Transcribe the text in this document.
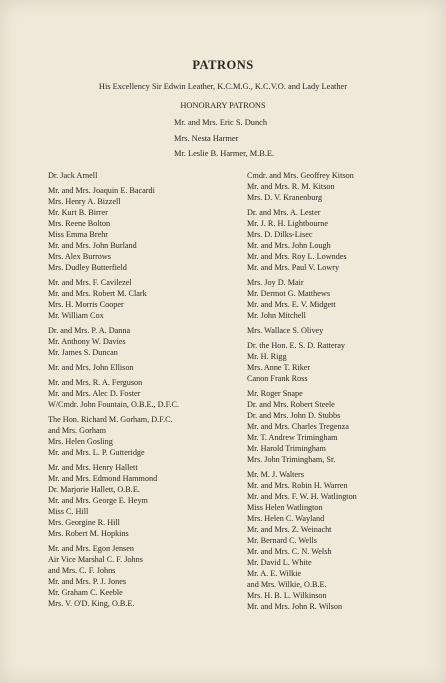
PATRONS
His Excellency Sir Edwin Leather, K.C.M.G., K.C.V.O. and Lady Leather
HONORARY PATRONS
Mr. and Mrs. Eric S. Dunch
Mrs. Nesta Harmer
Mr. Leslie B. Harmer, M.B.E.
Dr. Jack Arnell
Mr. and Mrs. Joaquin E. Bacardi
Mrs. Henry A. Bizzell
Mr. Kurt B. Birrer
Mrs. Reene Bolton
Miss Emma Brehr
Mr. and Mrs. John Burland
Mrs. Alex Burrows
Mrs. Dudley Butterfield
Mr. and Mrs. F. Cavilezel
Mr. and Mrs. Robert M. Clark
Mrs. H. Morris Cooper
Mr. William Cox
Dr. and Mrs. P. A. Danna
Mr. Anthony W. Davies
Mr. James S. Duncan
Mr. and Mrs. John Ellison
Mr. and Mrs. R. A. Ferguson
Mr. and Mrs. Alec D. Foster
W/Cmdr. John Fountain, O.B.E., D.F.C.
The Hon. Richard M. Gorham, D.F.C.
and Mrs. Gorham
Mrs. Helen Gosling
Mr. and Mrs. L. P. Gutteridge
Mr. and Mrs. Henry Hallett
Mr. and Mrs. Edmond Hammond
Dr. Marjorie Hallett, O.B.E.
Mr. and Mrs. George E. Heym
Miss C. Hill
Mrs. Georgine R. Hill
Mrs. Robert M. Hopkins
Mr. and Mrs. Egon Jensen
Air Vice Marshal C. F. Johns
and Mrs. C. F. Johns
Mr. and Mrs. P. J. Jones
Mr. Graham C. Keeble
Mrs. V. O'D. King, O.B.E.
Cmdr. and Mrs. Geoffrey Kitson
Mr. and Mrs. R. M. Kitson
Mrs. D. V. Kranenburg
Dr. and Mrs. A. Lester
Mr. J. R. H. Lightbourne
Mrs. D. Dilks-Lisec
Mr. and Mrs. John Lough
Mr. and Mrs. Roy L. Lowndes
Mr. and Mrs. Paul V. Lowry
Mrs. Joy D. Mair
Mr. Dermot G. Matthews
Mr. and Mrs. E. V. Midgett
Mr. John Mitchell
Mrs. Wallace S. Olivey
Dr. the Hon. E. S. D. Ratteray
Mr. H. Rigg
Mrs. Anne T. Riker
Canon Frank Ross
Mr. Roger Snape
Dr. and Mrs. Robert Steele
Dr. and Mrs. John D. Stubbs
Mr. and Mrs. Charles Tregenza
Mr. T. Andrew Trimingham
Mr. Harold Trimingham
Mrs. John Trimingham, Sr.
Mr. M. J. Walters
Mr. and Mrs. Robin H. Warren
Mr. and Mrs. F. W. H. Watlington
Miss Helen Watlington
Mrs. Helen C. Wayland
Mr. and Mrs. Z. Weinacht
Mr. Bernard C. Wells
Mr. and Mrs. C. N. Welsh
Mr. David L. White
Mr. A. E. Wilkie
and Mrs. Wilkie, O.B.E.
Mrs. H. B. L. Wilkinson
Mr. and Mrs. John R. Wilson
